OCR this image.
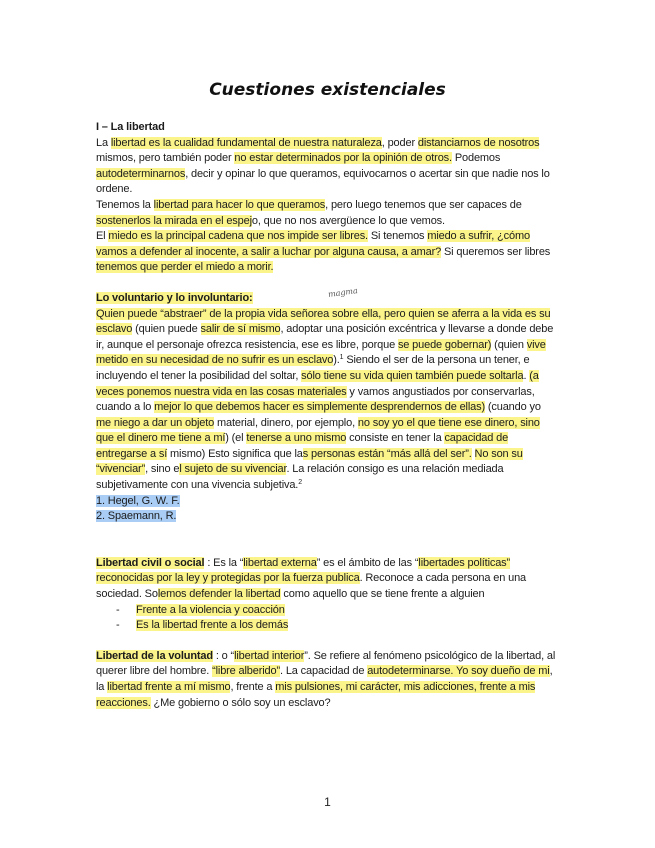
Cuestiones existenciales
magma

I – La libertad

La libertad es la cualidad fundamental de nuestra naturaleza, poder distanciarnos de nosotros mismos, pero también poder no estar determinados por la opinión de otros. Podemos autodeterminarnos, decir y opinar lo que queramos, equivocarnos o acertar sin que nadie nos lo ordene.

Tenemos la libertad para hacer lo que queramos, pero luego tenemos que ser capaces de sostenerlos la mirada en el espejo, que no nos avergüence lo que vemos.

El miedo es la principal cadena que nos impide ser libres. Si tenemos miedo a sufrir, ¿cómo vamos a defender al inocente, a salir a luchar por alguna causa, a amar? Si queremos ser libres tenemos que perder el miedo a morir.

Lo voluntario y lo involuntario:

Quien puede “abstraer” de la propia vida señorea sobre ella, pero quien se aferra a la vida es su esclavo (quien puede salir de sí mismo, adoptar una posición excéntrica y llevarse a donde debe ir, aunque el personaje ofrezca resistencia, ese es libre, porque se puede gobernar) (quien vive metido en su necesidad de no sufrir es un esclavo).$^1$ Siendo el ser de la persona un tener, e incluyendo el tener la posibilidad del soltar, sólo tiene su vida quien también puede soltarla. (a veces ponemos nuestra vida en las cosas materiales y vamos angustiados por conservarlas, cuando a lo mejor lo que debemos hacer es simplemente desprendernos de ellas) (cuando yo me niego a dar un objeto material, dinero, por ejemplo, no soy yo el que tiene ese dinero, sino que el dinero me tiene a mí) (el tenerse a uno mismo consiste en tener la capacidad de entregarse a sí mismo) Esto significa que las personas están “más allá del ser”. No son su “vivenciar”, sino el sujeto de su vivenciar. La relación consigo es una relación mediada subjetivamente con una vivencia subjetiva.$^2$

1. Hegel, G. W. F.

2. Spaemann, R.

Libertad civil o social : Es la “libertad externa” es el ámbito de las “libertades políticas” reconocidas por la ley y protegidas por la fuerza publica. Reconoce a cada persona en una sociedad. Solemos defender la libertad como aquello que se tiene frente a alguien

- Frente a la violencia y coacción
- Es la libertad frente a los demás

Libertad de la voluntad : o “libertad interior”. Se refiere al fenómeno psicológico de la libertad, al querer libre del hombre. “libre alberido”. La capacidad de autodeterminarse. Yo soy dueño de mi, la libertad frente a mí mismo, frente a mis pulsiones, mi carácter, mis adicciones, frente a mis reacciones. ¿Me gobierno o sólo soy un esclavo?

1
